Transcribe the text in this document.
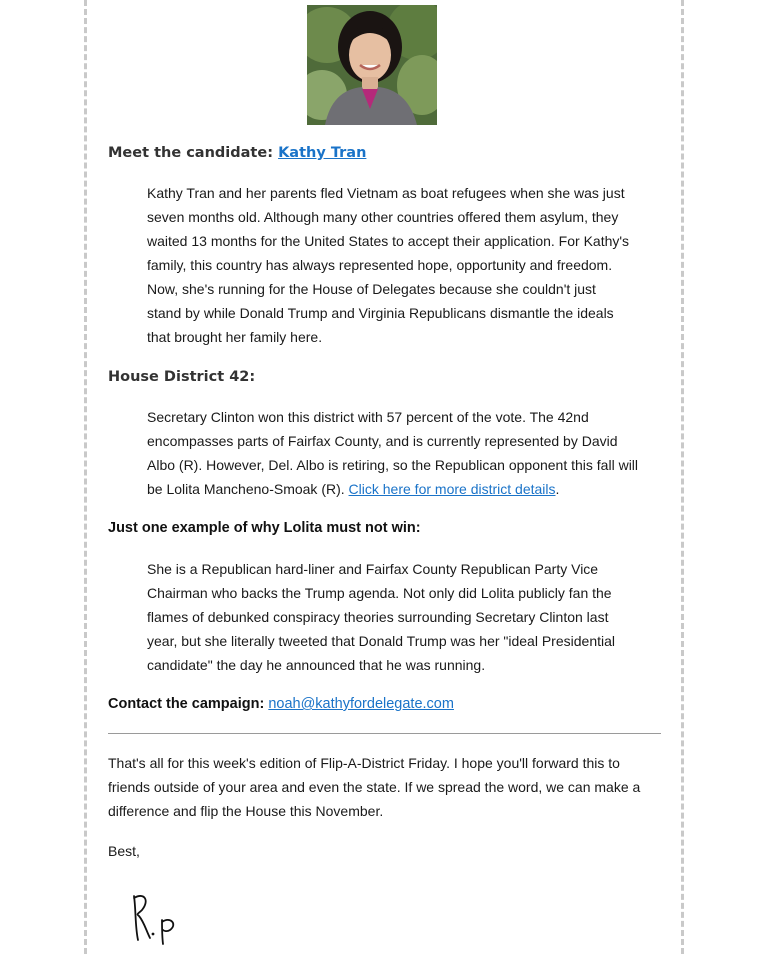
Meet the candidate: Kathy Tran
Kathy Tran and her parents fled Vietnam as boat refugees when she was just
seven months old. Although many other countries offered them asylum, they
waited 13 months for the United States to accept their application. For Kathy's
family, this country has always represented hope, opportunity and freedom.
Now, she's running for the House of Delegates because she couldn't just
stand by while Donald Trump and Virginia Republicans dismantle the ideals
that brought her family here.
House District 42:
Secretary Clinton won this district with 57 percent of the vote. The 42nd
encompasses parts of Fairfax County, and is currently represented by David
Albo (R). However, Del. Albo is retiring, so the Republican opponent this fall will
be Lolita Mancheno-Smoak (R). Click here for more district details.
Just one example of why Lolita must not win:
She is a Republican hard-liner and Fairfax County Republican Party Vice
Chairman who backs the Trump agenda. Not only did Lolita publicly fan the
flames of debunked conspiracy theories surrounding Secretary Clinton last
year, but she literally tweeted that Donald Trump was her "ideal Presidential
candidate" the day he announced that he was running.
Contact the campaign: noah@kathyfordelegate.com
That's all for this week's edition of Flip-A-District Friday. I hope you'll forward this to
friends outside of your area and even the state. If we spread the word, we can make a
difference and flip the House this November.
Best,
